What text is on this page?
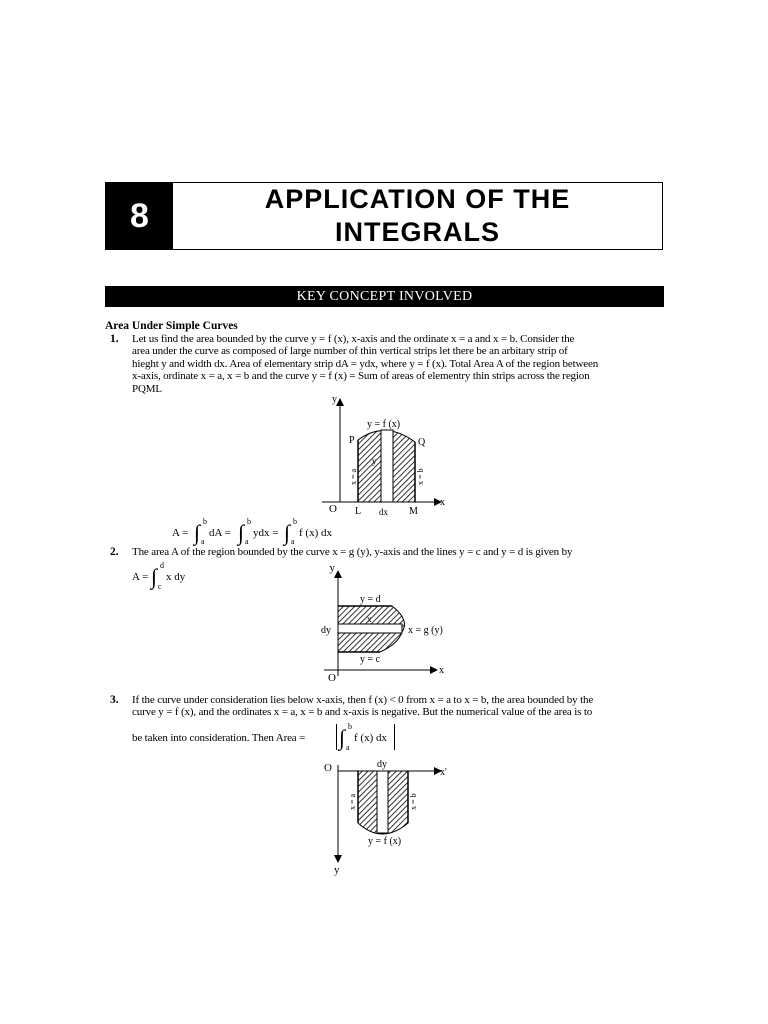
8	APPLICATION OF THE
INTEGRALS
KEY CONCEPT INVOLVED
Area Under Simple Curves
1. Let us find the area bounded by the curve y = f (x), x-axis and the ordinate x = a and x = b. Consider the
area under the curve as composed of large number of thin vertical strips let there be an arbitary strip of
hieght y and width dx. Area of elementary strip dA = ydx, where y = f (x). Total Area A of the region between
x-axis, ordinate x = a, x = b and the curve y = f (x) = Sum of areas of elementry thin strips across the region
PQML
y
x
O
y = f (x)
P	Q
L	M
dx
y
x = a	x = b
A = ∫ b
a
dA = ∫ b
a
ydx = ∫ b
a
f (x) dx
2. The area A of the region bounded by the curve x = g (y), y-axis and the lines y = c and y = d is given by
A = ∫ d
c
x dy
y
x
O
y = d
y = c
dy
x
x = g (y)
3. If the curve under consideration lies below x-axis, then f (x) < 0 from x = a to x = b, the area bounded by the
curve y = f (x), and the ordinates x = a, x = b and x-axis is negative. But the numerical value of the area is to
be taken into consideration. Then Area = ∫ b
a
f (x) dx
O	x'
y
dy
y = f (x)
x = a	x = b
